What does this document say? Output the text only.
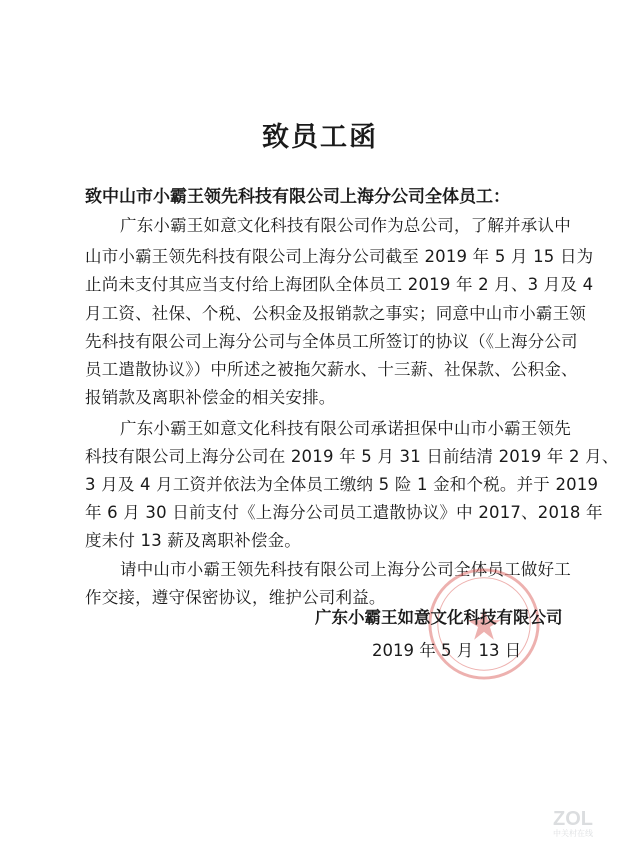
致员工函
致中山市小霸王领先科技有限公司上海分公司全体员工：
广东小霸王如意文化科技有限公司作为总公司，了解并承认中
山市小霸王领先科技有限公司上海分公司截至 2019 年 5 月 15 日为
止尚未支付其应当支付给上海团队全体员工 2019 年 2 月、3 月及 4
月工资、社保、个税、公积金及报销款之事实；同意中山市小霸王领
先科技有限公司上海分公司与全体员工所签订的协议（《上海分公司
员工遣散协议》）中所述之被拖欠薪水、十三薪、社保款、公积金、
报销款及离职补偿金的相关安排。
广东小霸王如意文化科技有限公司承诺担保中山市小霸王领先
科技有限公司上海分公司在 2019 年 5 月 31 日前结清 2019 年 2 月、
3 月及 4 月工资并依法为全体员工缴纳 5 险 1 金和个税。并于 2019
年 6 月 30 日前支付《上海分公司员工遣散协议》中 2017、2018 年
度未付 13 薪及离职补偿金。
请中山市小霸王领先科技有限公司上海分公司全体员工做好工
作交接，遵守保密协议，维护公司利益。
广东小霸王如意文化科技有限公司
2019 年 5 月 13 日
ZOL
中关村在线
